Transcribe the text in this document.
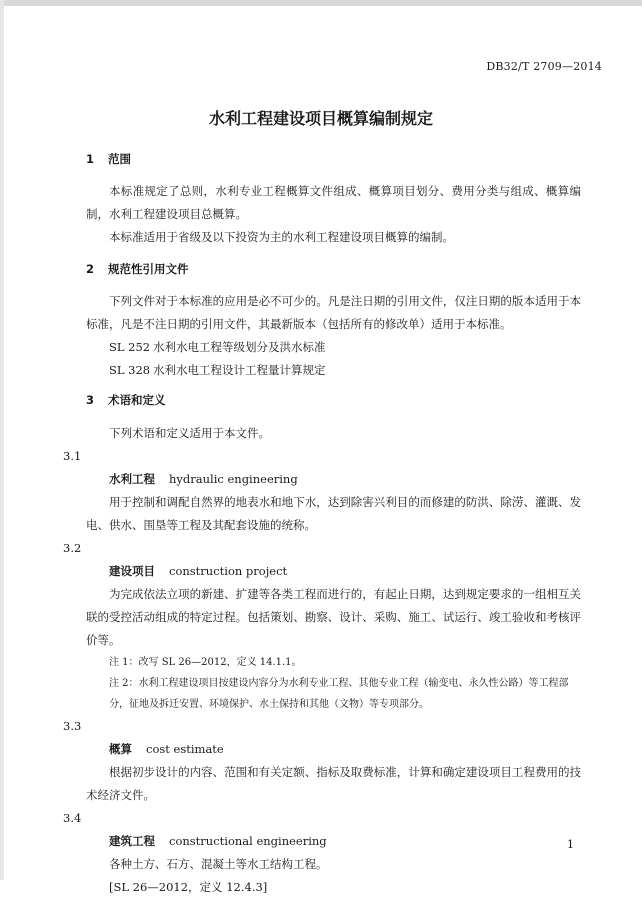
DB32/T 2709—2014
水利工程建设项目概算编制规定
1 范围

本标准规定了总则，水利专业工程概算文件组成、概算项目划分、费用分类与组成、概算编制，水利工程建设项目总概算。

本标准适用于省级及以下投资为主的水利工程建设项目概算的编制。

2 规范性引用文件

下列文件对于本标准的应用是必不可少的。凡是注日期的引用文件，仅注日期的版本适用于本标准，凡是不注日期的引用文件，其最新版本（包括所有的修改单）适用于本标准。

SL 252 水利水电工程等级划分及洪水标准

SL 328 水利水电工程设计工程量计算规定

3 术语和定义

下列术语和定义适用于本文件。

3.1

水利工程 hydraulic engineering

用于控制和调配自然界的地表水和地下水，达到除害兴利目的而修建的防洪、除涝、灌溉、发电、供水、围垦等工程及其配套设施的统称。

3.2

建设项目 construction project

为完成依法立项的新建、扩建等各类工程而进行的，有起止日期，达到规定要求的一组相互关联的受控活动组成的特定过程。包括策划、勘察、设计、采购、施工、试运行、竣工验收和考核评价等。

注 1：改写 SL 26—2012，定义 14.1.1。

注 2：水利工程建设项目按建设内容分为水利专业工程、其他专业工程（输变电、永久性公路）等工程部分，征地及拆迁安置、环境保护、水土保持和其他（文物）等专项部分。

3.3

概算 cost estimate

根据初步设计的内容、范围和有关定额、指标及取费标准，计算和确定建设项目工程费用的技术经济文件。

3.4

建筑工程 constructional engineering

各种土方、石方、混凝土等水工结构工程。

[SL 26—2012，定义 12.4.3]

1
